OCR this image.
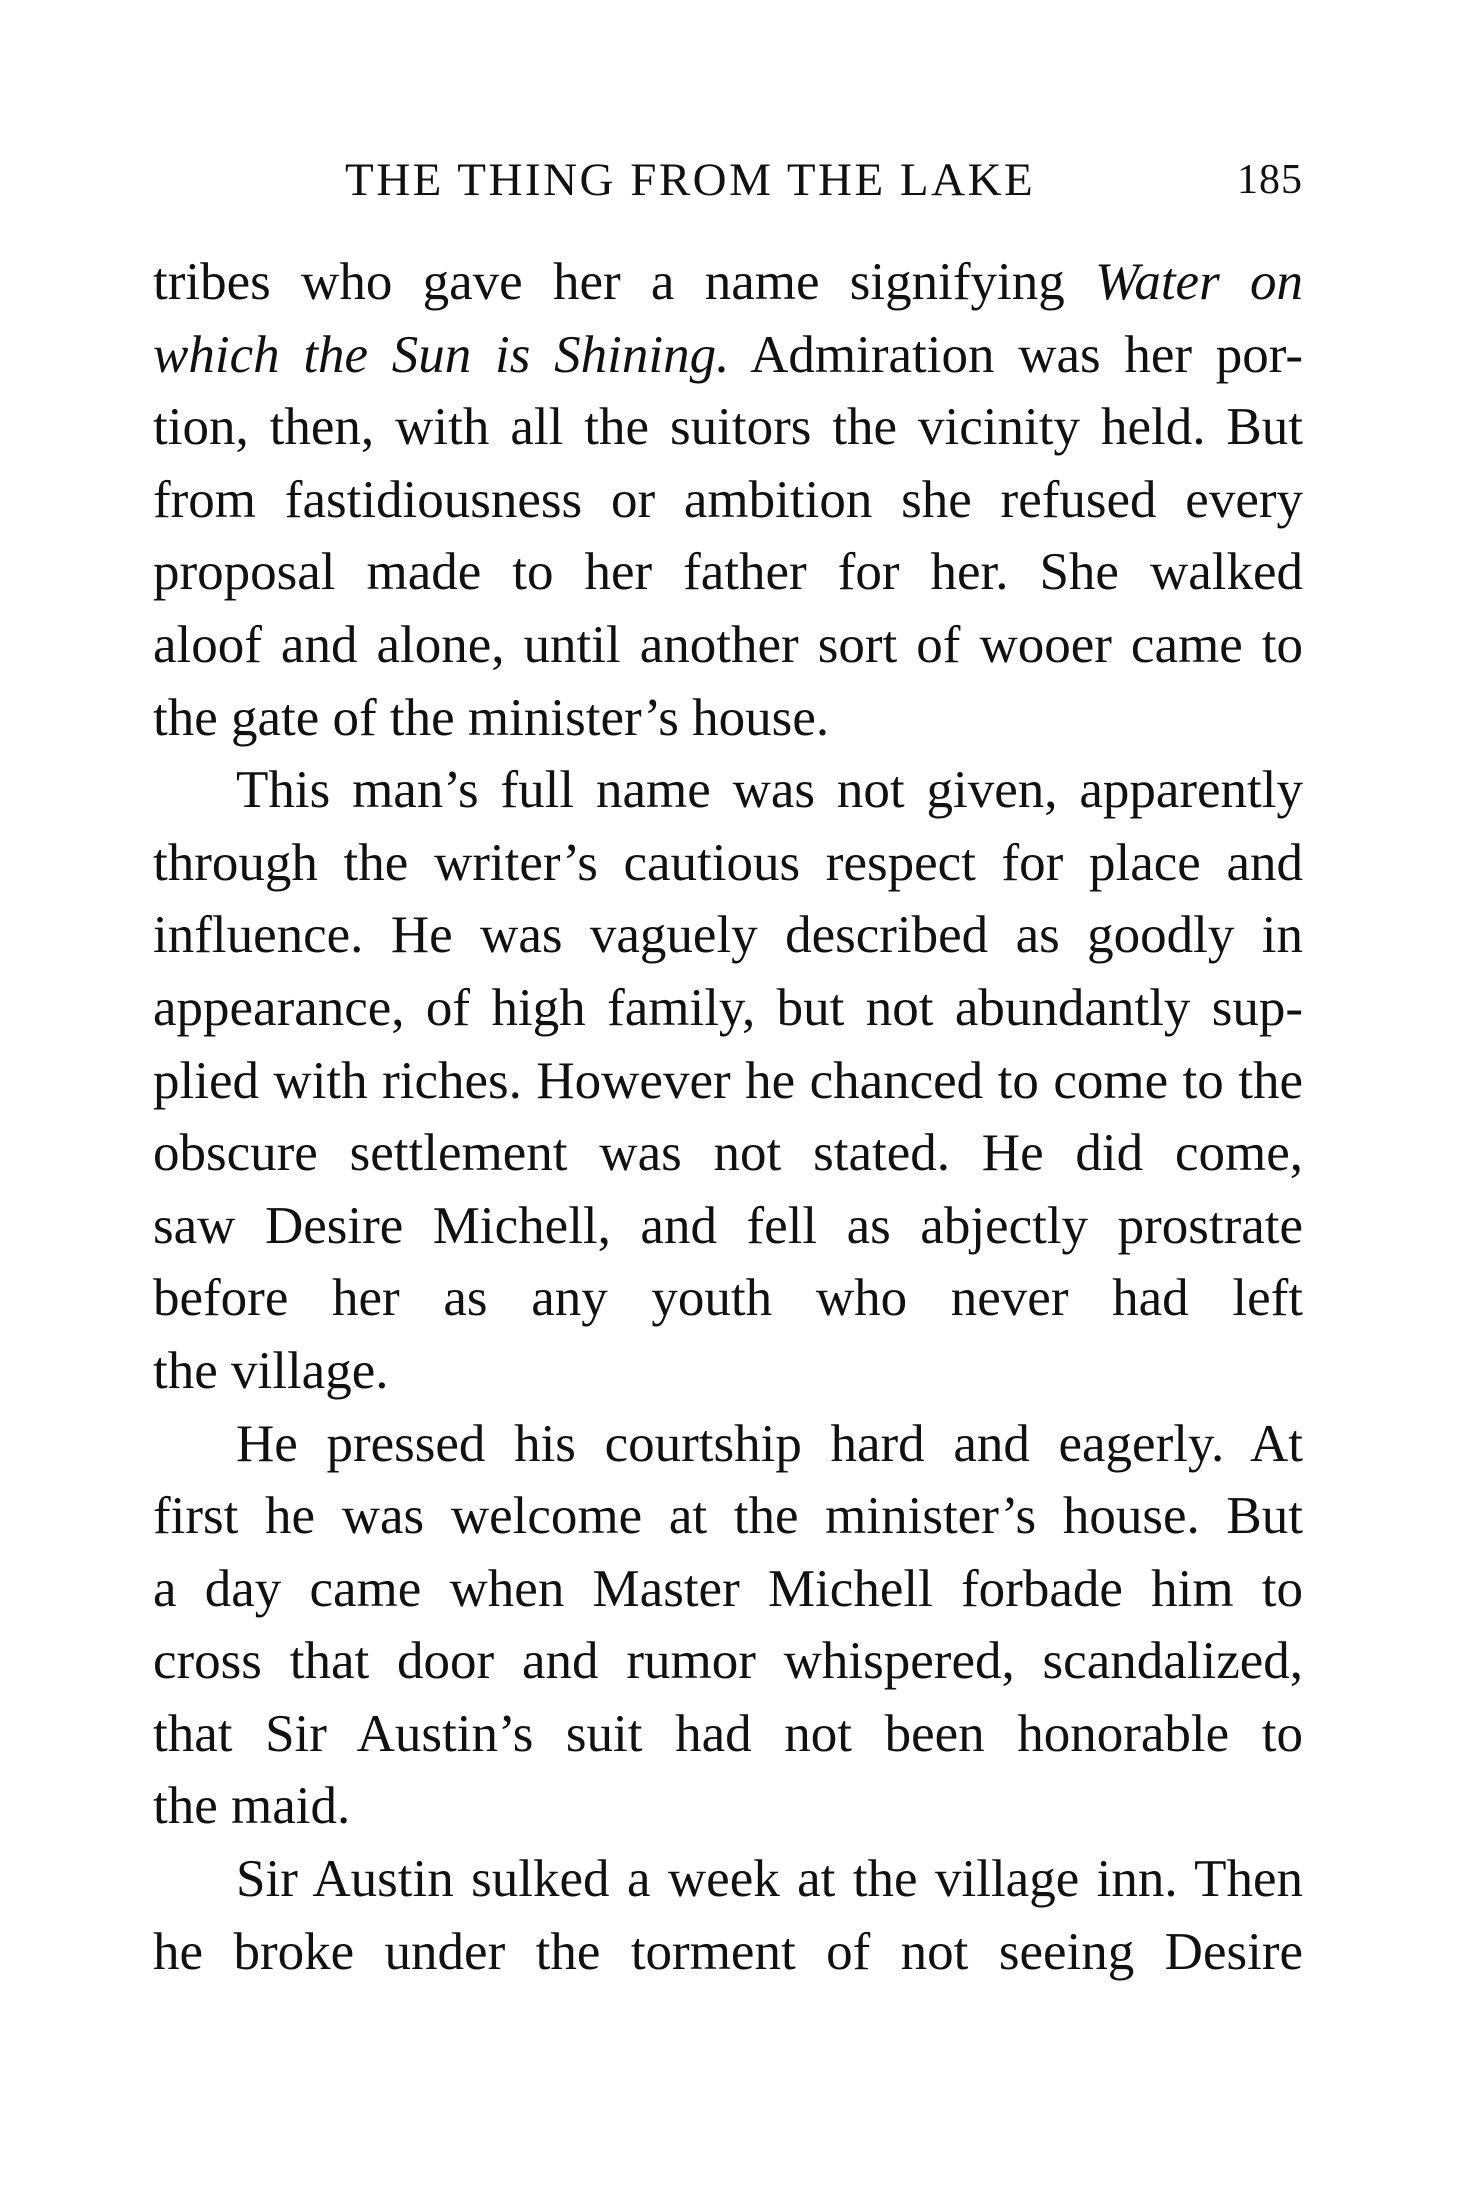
THE THING FROM THE LAKE	185
tribes who gave her a name signifying Water on
which the Sun is Shining. Admiration was her por-
tion, then, with all the suitors the vicinity held. But
from fastidiousness or ambition she refused every
proposal made to her father for her. She walked
aloof and alone, until another sort of wooer came to
the gate of the minister’s house.
This man’s full name was not given, apparently
through the writer’s cautious respect for place and
influence. He was vaguely described as goodly in
appearance, of high family, but not abundantly sup-
plied with riches. However he chanced to come to the
obscure settlement was not stated. He did come,
saw Desire Michell, and fell as abjectly prostrate
before her as any youth who never had left
the village.
He pressed his courtship hard and eagerly. At
first he was welcome at the minister’s house. But
a day came when Master Michell forbade him to
cross that door and rumor whispered, scandalized,
that Sir Austin’s suit had not been honorable to
the maid.
Sir Austin sulked a week at the village inn. Then
he broke under the torment of not seeing Desire
